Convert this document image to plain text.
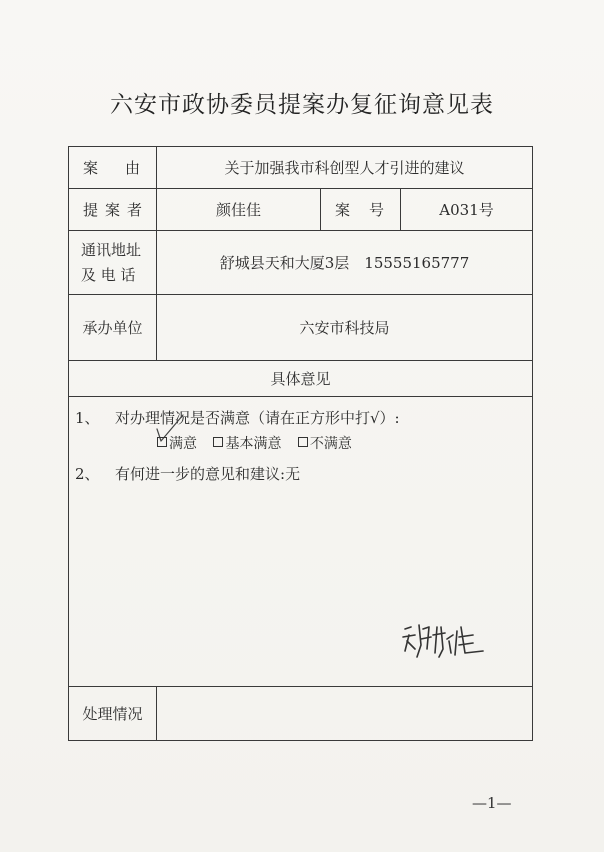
六安市政协委员提案办复征询意见表
案 由	关于加强我市科创型人才引进的建议		

提 案 者	颜佳佳	案 号	A031号

通讯地址
及 电 话	舒城县天和大厦3层　15555165777		
承办单位	六安市科技局		
具体意见			

1、 对办理情况是否满意（请在正方形中打√）:
满意 基本满意 不满意
2、 有何进一步的意见和建议:无			

处理情况			
—1—
